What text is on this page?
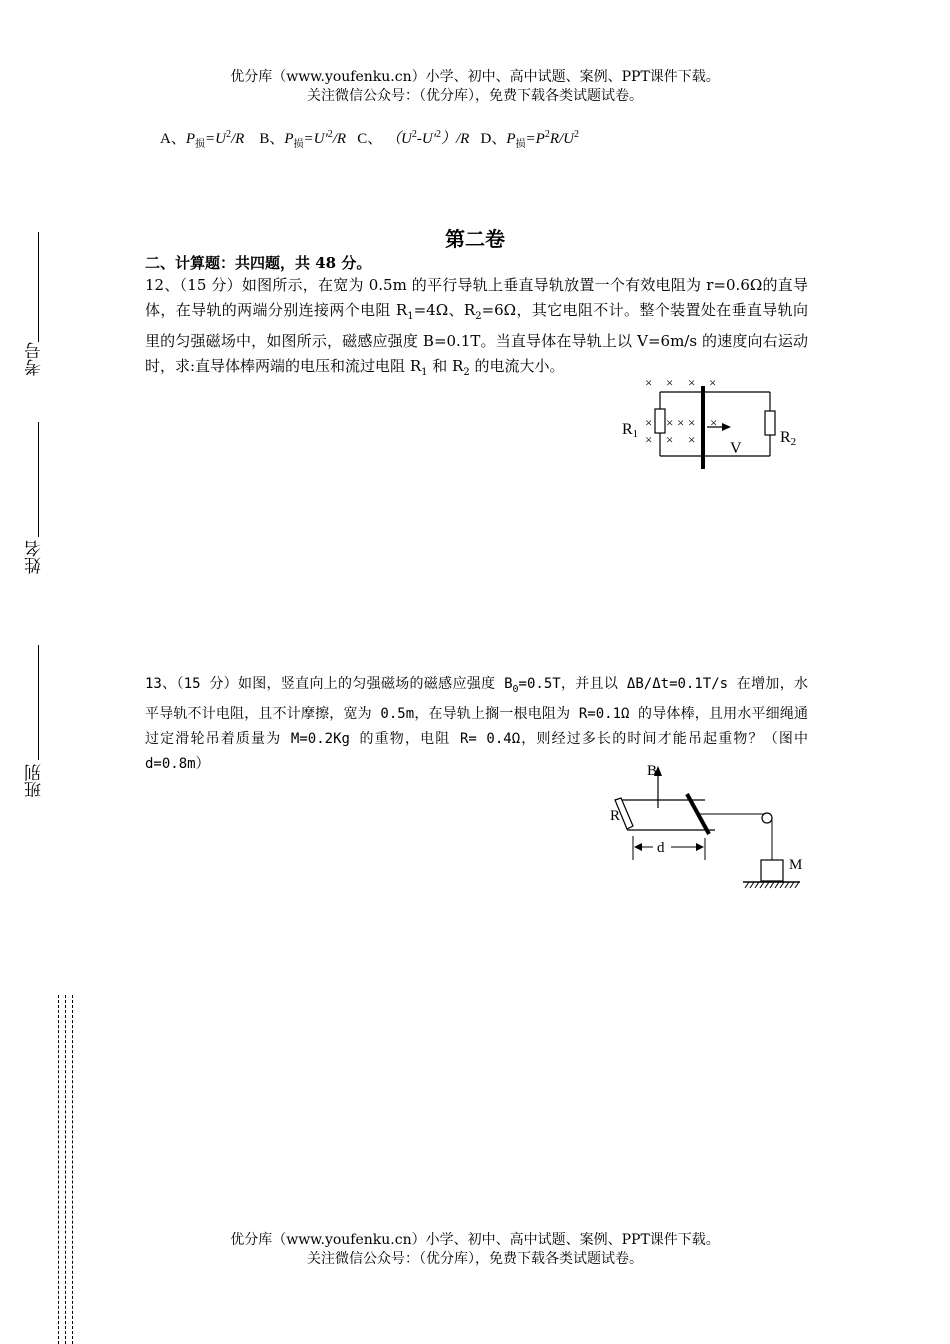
优分库（www.youfenku.cn）小学、初中、高中试题、案例、PPT课件下载。
关注微信公众号：（优分库），免费下载各类试题试卷。
A、$P_损=U^2/R$ B、$P_损=U'^2/R$ C、 $(U^2-U'^2)/R$ D、$P_损=P^2R/U^2$
第二卷
二、计算题：共四题，共 48 分。
考号
姓名
班别
12、（15 分）如图所示，在宽为 0.5m 的平行导轨上垂直导轨放置一个有效电阻为 r=0.6Ω的直导体，在导轨的两端分别连接两个电阻 $R_1=4\Omega$、$R_2=6\Omega$，其它电阻不计。整个装置处在垂直导轨向里的匀强磁场中，如图所示，磁感应强度 B=0.1T。当直导体在导轨上以 V=6m/s 的速度向右运动时，求:直导体棒两端的电压和流过电阻 $R_1$ 和 $R_2$ 的电流大小。
× × × ×
× × × × ×
× × ×
R1	R2
V
13、（15 分）如图，竖直向上的匀强磁场的磁感应强度 $B_0=0.5T$，并且以 ΔB/Δt=0.1T/s 在增加，水平导轨不计电阻，且不计摩擦，宽为 0.5m，在导轨上搁一根电阻为 R=0.1Ω 的导体棒，且用水平细绳通过定滑轮吊着质量为 M=0.2Kg 的重物，电阻 R= 0.4Ω，则经过多长的时间才能吊起重物？（图中 d=0.8m）	B
R
M
d
优分库（www.youfenku.cn）小学、初中、高中试题、案例、PPT课件下载。
关注微信公众号：（优分库），免费下载各类试题试卷。
